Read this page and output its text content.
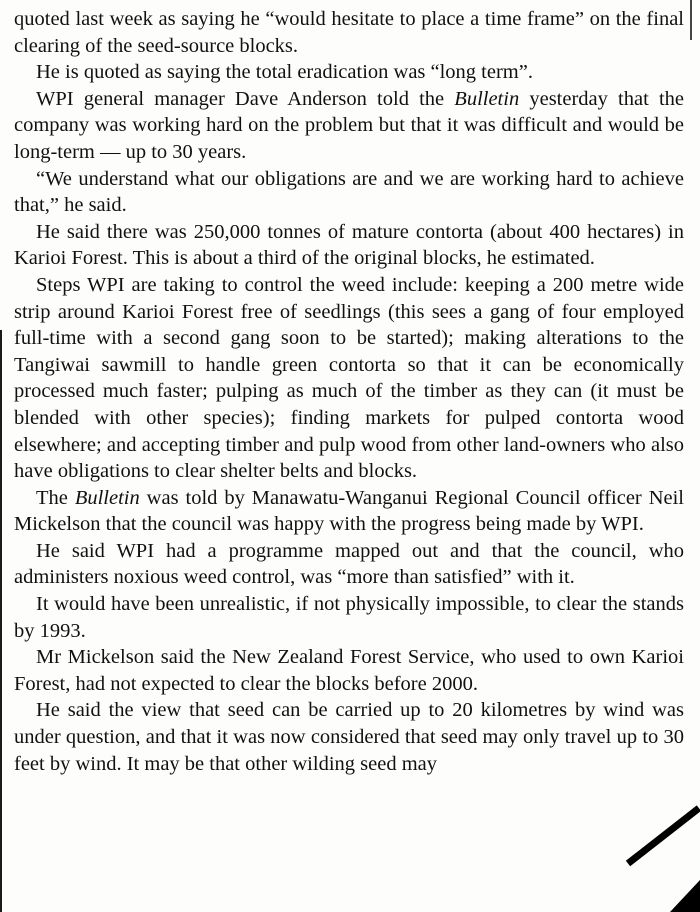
quoted last week as saying he “would hesitate to place a time frame” on the final clearing of the seed-source blocks.

He is quoted as saying the total eradication was “long term”.

WPI general manager Dave Anderson told the Bulletin yesterday that the company was working hard on the problem but that it was difficult and would be long-term — up to 30 years.

“We understand what our obligations are and we are working hard to achieve that,” he said.

He said there was 250,000 tonnes of mature contorta (about 400 hectares) in Karioi Forest. This is about a third of the original blocks, he estimated.

Steps WPI are taking to control the weed include: keeping a 200 metre wide strip around Karioi Forest free of seedlings (this sees a gang of four employed full-time with a second gang soon to be started); making alterations to the Tangiwai sawmill to handle green contorta so that it can be economically processed much faster; pulping as much of the timber as they can (it must be blended with other species); finding markets for pulped contorta wood elsewhere; and accepting timber and pulp wood from other land-owners who also have obligations to clear shelter belts and blocks.

The Bulletin was told by Manawatu-Wanganui Regional Council officer Neil Mickelson that the council was happy with the progress being made by WPI.

He said WPI had a programme mapped out and that the council, who administers noxious weed control, was “more than satisfied” with it.

It would have been unrealistic, if not physically impossible, to clear the stands by 1993.

Mr Mickelson said the New Zealand Forest Service, who used to own Karioi Forest, had not expected to clear the blocks before 2000.

He said the view that seed can be carried up to 20 kilometres by wind was under question, and that it was now considered that seed may only travel up to 30 feet by wind. It may be that other wilding seed may
